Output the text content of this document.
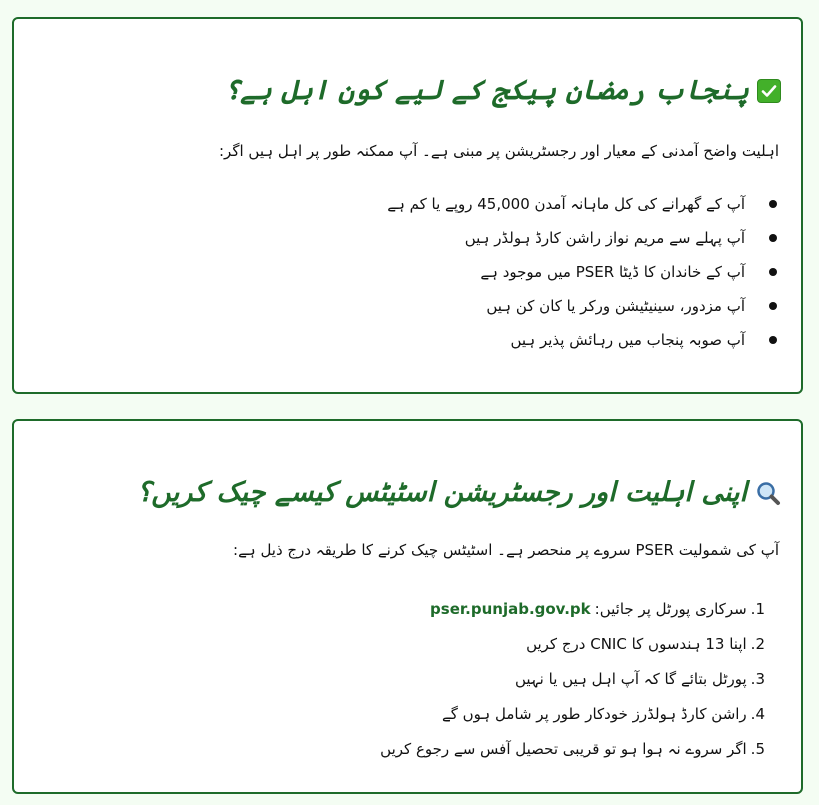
پنجاب رمضان پیکج کے لیے کون اہل ہے؟
اہلیت واضح آمدنی کے معیار اور رجسٹریشن پر مبنی ہے۔ آپ ممکنہ طور پر اہل ہیں اگر:
آپ کے گھرانے کی کل ماہانہ آمدن 45,000 روپے یا کم ہے
آپ پہلے سے مریم نواز راشن کارڈ ہولڈر ہیں
آپ کے خاندان کا ڈیٹا PSER میں موجود ہے
آپ مزدور، سینیٹیشن ورکر یا کان کن ہیں
آپ صوبہ پنجاب میں رہائش پذیر ہیں
اپنی اہلیت اور رجسٹریشن اسٹیٹس کیسے چیک کریں؟
آپ کی شمولیت PSER سروے پر منحصر ہے۔ اسٹیٹس چیک کرنے کا طریقہ درج ذیل ہے:
1.
سرکاری پورٹل پر جائیں:
pser.punjab.gov.pk
2.
اپنا 13 ہندسوں کا CNIC درج کریں
3.
پورٹل بتائے گا کہ آپ اہل ہیں یا نہیں
4.
راشن کارڈ ہولڈرز خودکار طور پر شامل ہوں گے
5.
اگر سروے نہ ہوا ہو تو قریبی تحصیل آفس سے رجوع کریں
